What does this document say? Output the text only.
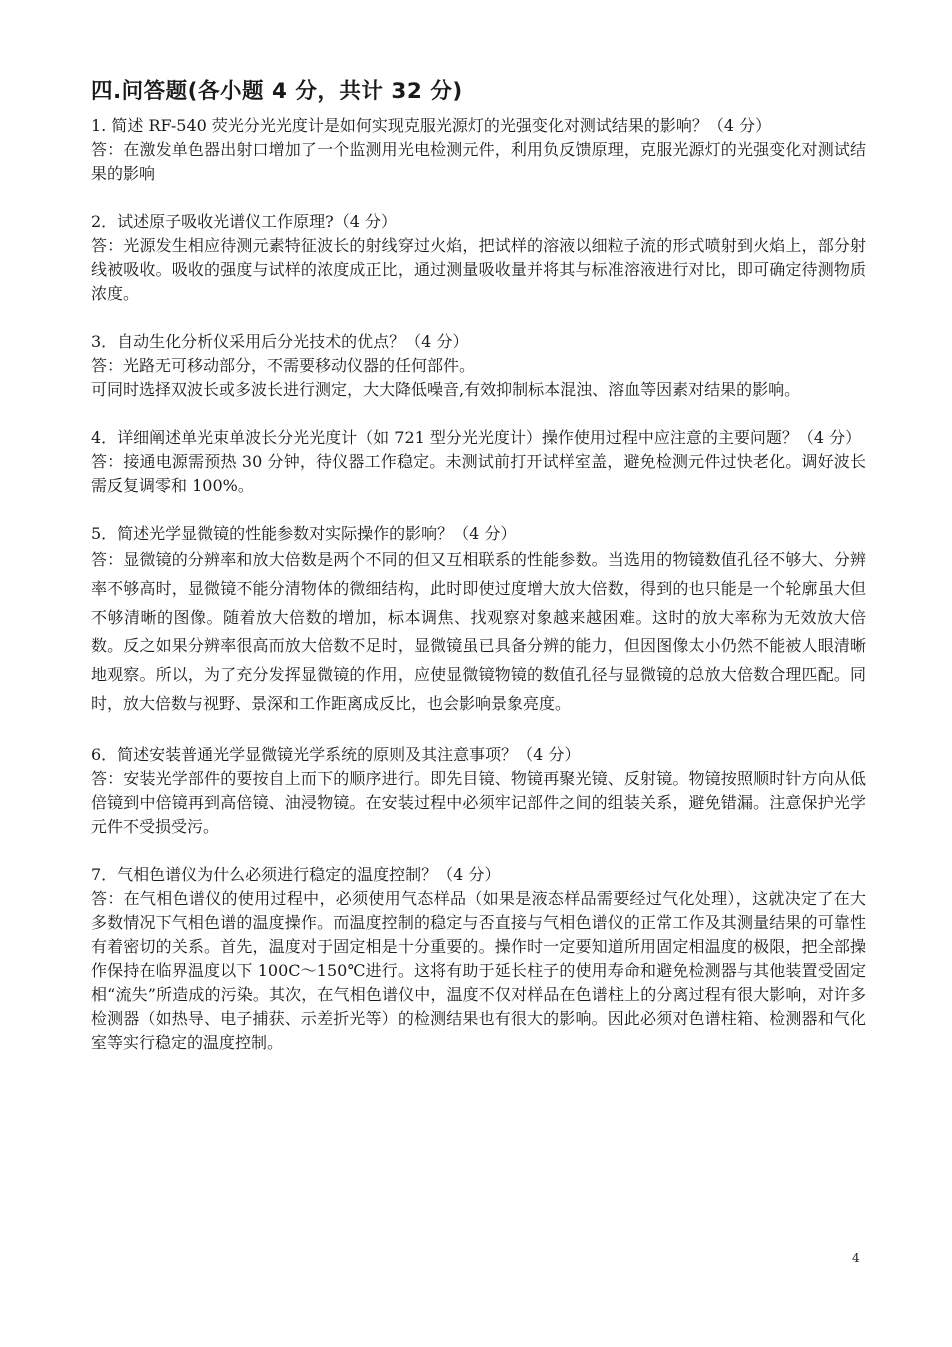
四.问答题(各小题 4 分，共计 32 分)

1. 简述 RF-540 荧光分光光度计是如何实现克服光源灯的光强变化对测试结果的影响？（4 分）

答：在激发单色器出射口增加了一个监测用光电检测元件，利用负反馈原理，克服光源灯的光强变化对测试结果的影响

2．试述原子吸收光谱仪工作原理?（4 分）

答：光源发生相应待测元素特征波长的射线穿过火焰，把试样的溶液以细粒子流的形式喷射到火焰上，部分射线被吸收。吸收的强度与试样的浓度成正比，通过测量吸收量并将其与标准溶液进行对比，即可确定待测物质浓度。

3．自动生化分析仪采用后分光技术的优点？（4 分）

答：光路无可移动部分，不需要移动仪器的任何部件。

可同时选择双波长或多波长进行测定，大大降低噪音,有效抑制标本混浊、溶血等因素对结果的影响。

4．详细阐述单光束单波长分光光度计（如 721 型分光光度计）操作使用过程中应注意的主要问题？（4 分）

答：接通电源需预热 30 分钟，待仪器工作稳定。未测试前打开试样室盖，避免检测元件过快老化。调好波长需反复调零和 100%。

5．简述光学显微镜的性能参数对实际操作的影响？（4 分）

答：显微镜的分辨率和放大倍数是两个不同的但又互相联系的性能参数。当选用的物镜数值孔径不够大、分辨率不够高时，显微镜不能分清物体的微细结构，此时即使过度增大放大倍数，得到的也只能是一个轮廓虽大但不够清晰的图像。随着放大倍数的增加，标本调焦、找观察对象越来越困难。这时的放大率称为无效放大倍数。反之如果分辨率很高而放大倍数不足时，显微镜虽已具备分辨的能力，但因图像太小仍然不能被人眼清晰地观察。所以，为了充分发挥显微镜的作用，应使显微镜物镜的数值孔径与显微镜的总放大倍数合理匹配。同时，放大倍数与视野、景深和工作距离成反比，也会影响景象亮度。

6．简述安装普通光学显微镜光学系统的原则及其注意事项？（4 分）

答：安装光学部件的要按自上而下的顺序进行。即先目镜、物镜再聚光镜、反射镜。物镜按照顺时针方向从低倍镜到中倍镜再到高倍镜、油浸物镜。在安装过程中必须牢记部件之间的组装关系，避免错漏。注意保护光学元件不受损受污。

7．气相色谱仪为什么必须进行稳定的温度控制？（4 分）

答：在气相色谱仪的使用过程中，必须使用气态样品（如果是液态样品需要经过气化处理），这就决定了在大多数情况下气相色谱的温度操作。而温度控制的稳定与否直接与气相色谱仪的正常工作及其测量结果的可靠性有着密切的关系。首先，温度对于固定相是十分重要的。操作时一定要知道所用固定相温度的极限，把全部操作保持在临界温度以下 100C～150℃进行。这将有助于延长柱子的使用寿命和避免检测器与其他装置受固定相“流失”所造成的污染。其次，在气相色谱仪中，温度不仅对样品在色谱柱上的分离过程有很大影响，对许多检测器（如热导、电子捕获、示差折光等）的检测结果也有很大的影响。因此必须对色谱柱箱、检测器和气化室等实行稳定的温度控制。

4
